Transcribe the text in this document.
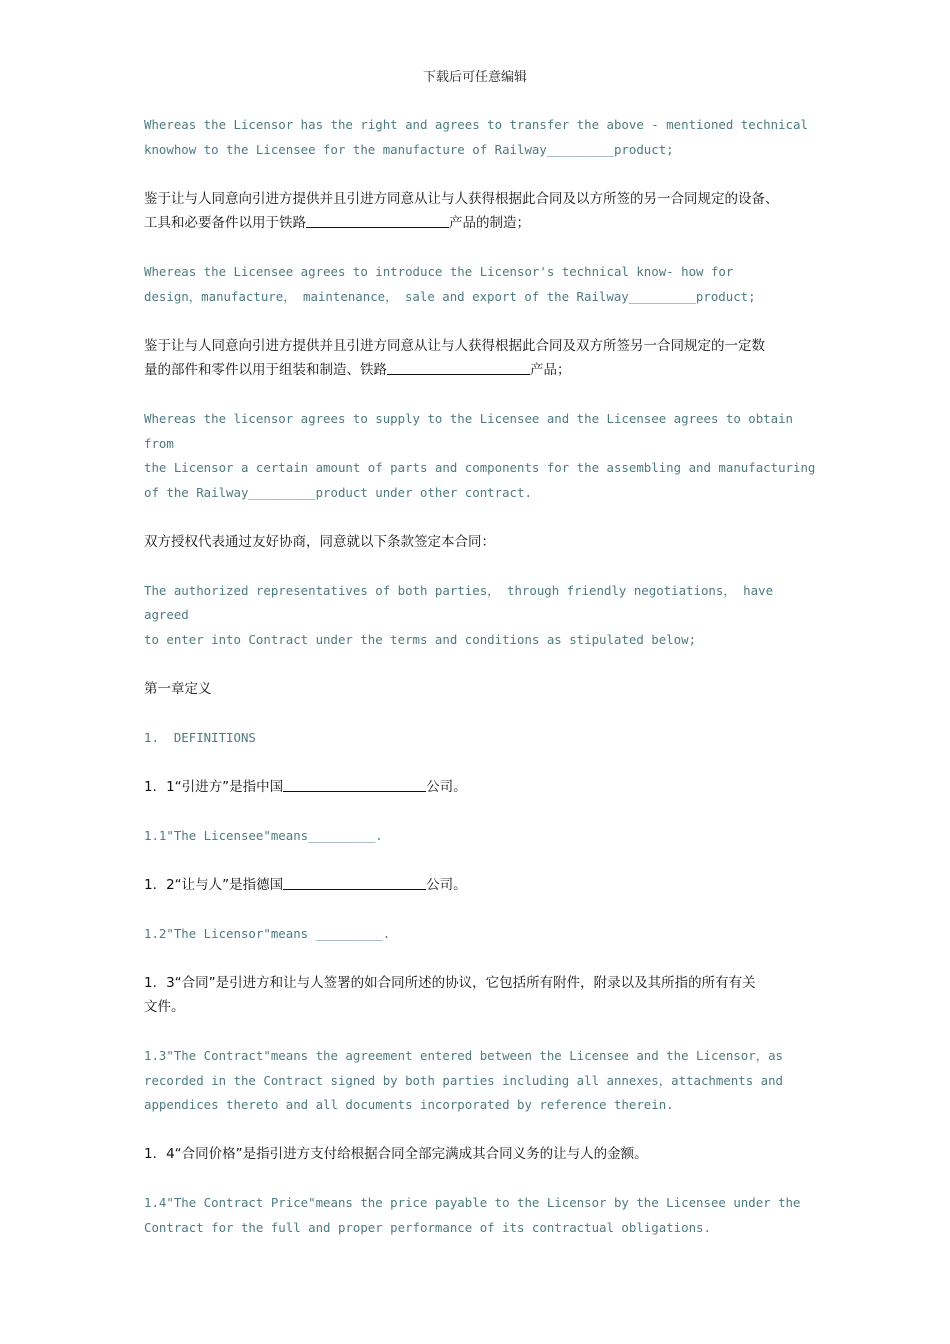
下载后可任意编辑
Whereas the Licensor has the right and agrees to transfer the above - mentioned technical
knowhow to the Licensee for the manufacture of Railway_________product;
鉴于让与人同意向引进方提供并且引进方同意从让与人获得根据此合同及以方所签的另一合同规定的设备、
工具和必要备件以用于铁路	产品的制造；
Whereas the Licensee agrees to introduce the Licensor's technical know- how for
design，manufacture， maintenance， sale and export of the Railway_________product;
鉴于让与人同意向引进方提供并且引进方同意从让与人获得根据此合同及双方所签另一合同规定的一定数
量的部件和零件以用于组装和制造、铁路	产品；
Whereas the licensor agrees to supply to the Licensee and the Licensee agrees to obtain from
the Licensor a certain amount of parts and components for the assembling and manufacturing
of the Railway_________product under other contract.
双方授权代表通过友好协商，同意就以下条款签定本合同：
The authorized representatives of both parties， through friendly negotiations， have agreed
to enter into Contract under the terms and conditions as stipulated below;
第一章定义
1.  DEFINITIONS
1．1“引进方”是指中国	公司。
1.1"The Licensee"means_________.
1．2“让与人”是指德国	公司。
1.2"The Licensor"means _________.
1．3“合同”是引进方和让与人签署的如合同所述的协议，它包括所有附件，附录以及其所指的所有有关
文件。
1.3"The Contract"means the agreement entered between the Licensee and the Licensor，as
recorded in the Contract signed by both parties including all annexes，attachments and
appendices thereto and all documents incorporated by reference therein.
1．4“合同价格”是指引进方支付给根据合同全部完满成其合同义务的让与人的金额。
1.4"The Contract Price"means the price payable to the Licensor by the Licensee under the
Contract for the full and proper performance of its contractual obligations.
